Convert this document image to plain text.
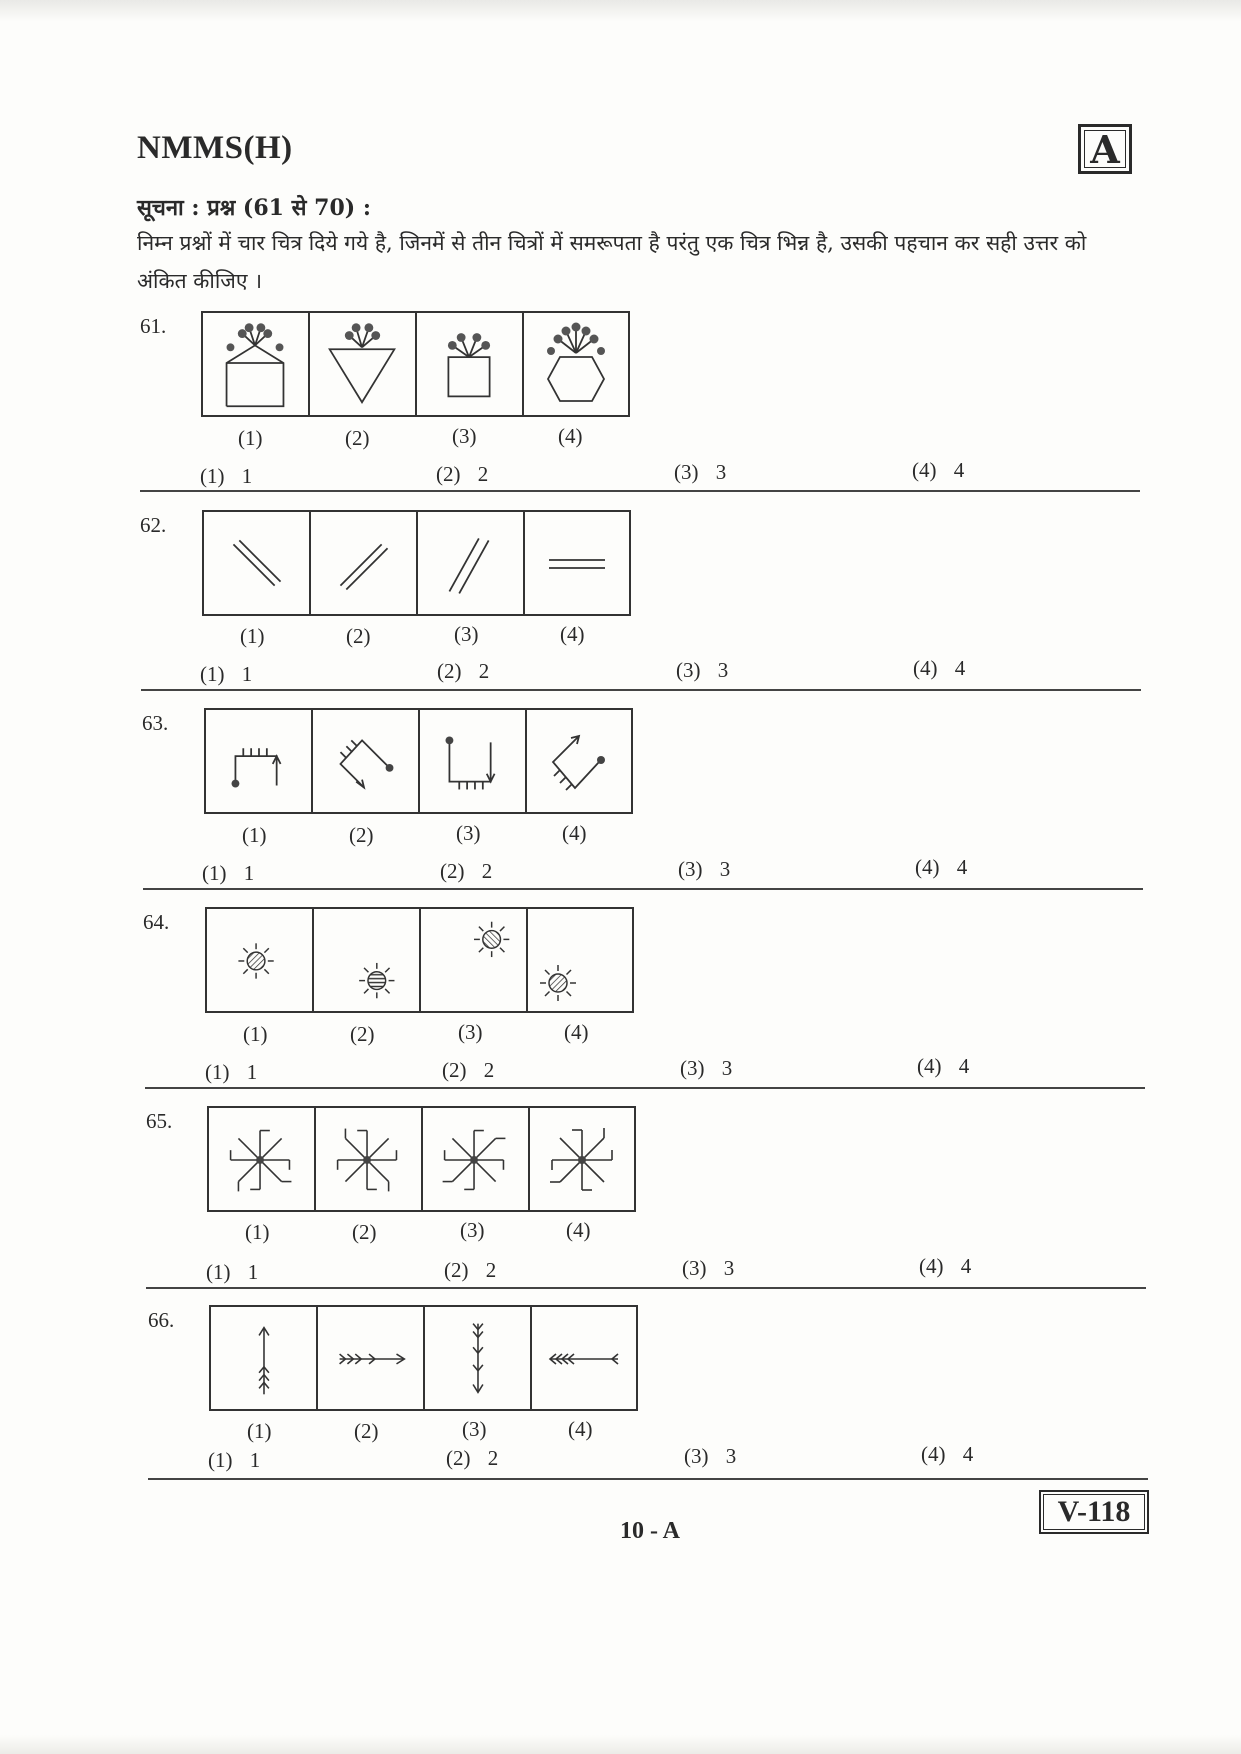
NMMS(H)	A
सूचना : प्रश्न (61 से 70) :
निम्न प्रश्नों में चार चित्र दिये गये है, जिनमें से तीन चित्रों में समरूपता है परंतु एक चित्र भिन्न है, उसकी पहचान कर सही उत्तर को अंकित कीजिए ।
61.
(1)	(2)	(3)	(4)
(1) 1	(2) 2	(3) 3	(4) 4
62.
(1)	(2)	(3)	(4)
(1) 1	(2) 2	(3) 3	(4) 4
63.
(1)	(2)	(3)	(4)
(1) 1	(2) 2	(3) 3	(4) 4
64.
(1)	(2)	(3)	(4)
(1) 1	(2) 2	(3) 3	(4) 4
65.
(1)	(2)	(3)	(4)
(1) 1	(2) 2	(3) 3	(4) 4
66.
(1)	(2)	(3)	(4)
(1) 1	(2) 2	(3) 3	(4) 4
V-118
10 - A
